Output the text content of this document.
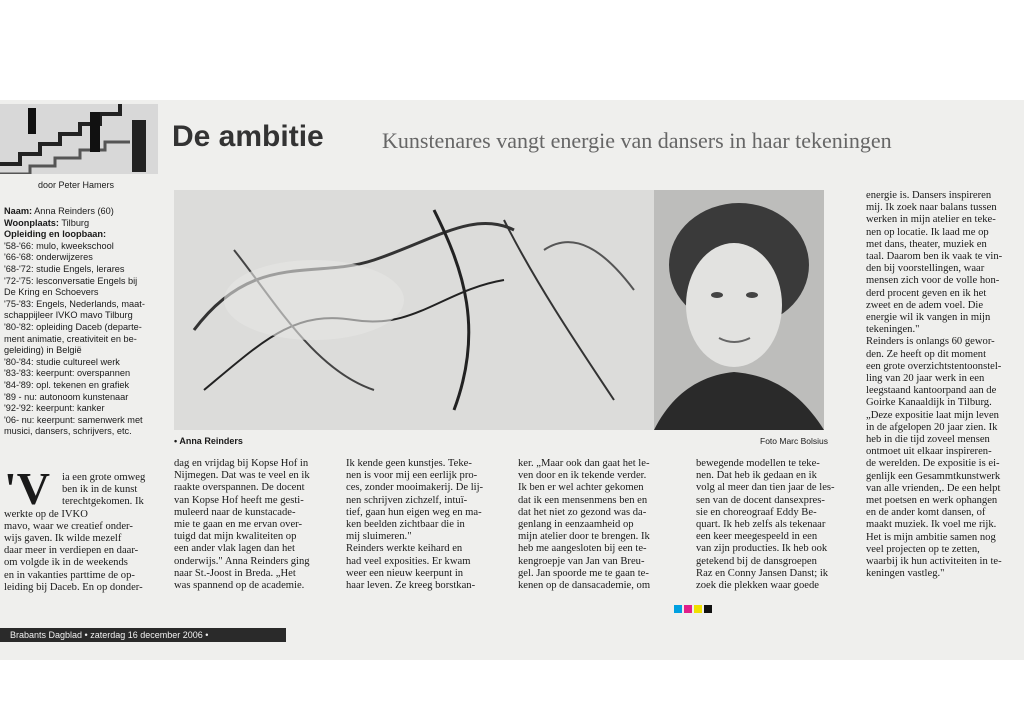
door Peter Hamers
De ambitie	Kunstenares vangt energie van dansers in haar tekeningen
Naam: Anna Reinders (60)
Woonplaats: Tilburg
Opleiding en loopbaan:
'58-'66: mulo, kweekschool
'66-'68: onderwijzeres
'68-'72: studie Engels, lerares
'72-'75: lesconversatie Engels bij
De Kring en Schoevers
'75-'83: Engels, Nederlands, maat-
schappijleer IVKO mavo Tilburg
'80-'82: opleiding Daceb (departe-
ment animatie, creativiteit en be-
geleiding) in België
'80-'84: studie cultureel werk
'83-'83: keerpunt: overspannen
'84-'89: opl. tekenen en grafiek
'89 - nu: autonoom kunstenaar
'92-'92: keerpunt: kanker
'06- nu: keerpunt: samenwerk met
musici, dansers, schrijvers, etc.
• Anna Reinders	Foto Marc Bolsius
'V	ia een grote omweg
ben ik in de kunst
terechtgekomen. Ik
werkte op de IVKO
mavo, waar we creatief onder-
wijs gaven. Ik wilde mezelf
daar meer in verdiepen en daar-
om volgde ik in de weekends
en in vakanties parttime de op-
leiding bij Daceb. En op donder-
dag en vrijdag bij Kopse Hof in
Nijmegen. Dat was te veel en ik
raakte overspannen. De docent
van Kopse Hof heeft me gesti-
muleerd naar de kunstacade-
mie te gaan en me ervan over-
tuigd dat mijn kwaliteiten op
een ander vlak lagen dan het
onderwijs." Anna Reinders ging
naar St.-Joost in Breda. „Het
was spannend op de academie.
Ik kende geen kunstjes. Teke-
nen is voor mij een eerlijk pro-
ces, zonder mooimakerij. De lij-
nen schrijven zichzelf, intuï-
tief, gaan hun eigen weg en ma-
ken beelden zichtbaar die in
mij sluimeren."
Reinders werkte keihard en
had veel exposities. Er kwam
weer een nieuw keerpunt in
haar leven. Ze kreeg borstkan-
ker. „Maar ook dan gaat het le-
ven door en ik tekende verder.
Ik ben er wel achter gekomen
dat ik een mensenmens ben en
dat het niet zo gezond was da-
genlang in eenzaamheid op
mijn atelier door te brengen. Ik
heb me aangesloten bij een te-
kengroepje van Jan van Breu-
gel. Jan spoorde me te gaan te-
kenen op de dansacademie, om
bewegende modellen te teke-
nen. Dat heb ik gedaan en ik
volg al meer dan tien jaar de les-
sen van de docent dansexpres-
sie en choreograaf Eddy Be-
quart. Ik heb zelfs als tekenaar
een keer meegespeeld in een
van zijn producties. Ik heb ook
getekend bij de dansgroepen
Raz en Conny Jansen Danst; ik
zoek die plekken waar goede
energie is. Dansers inspireren
mij. Ik zoek naar balans tussen
werken in mijn atelier en teke-
nen op locatie. Ik laad me op
met dans, theater, muziek en
taal. Daarom ben ik vaak te vin-
den bij voorstellingen, waar
mensen zich voor de volle hon-
derd procent geven en ik het
zweet en de adem voel. Die
energie wil ik vangen in mijn
tekeningen."
Reinders is onlangs 60 gewor-
den. Ze heeft op dit moment
een grote overzichtstentoonstel-
ling van 20 jaar werk in een
leegstaand kantoorpand aan de
Goirke Kanaaldijk in Tilburg.
„Deze expositie laat mijn leven
in de afgelopen 20 jaar zien. Ik
heb in die tijd zoveel mensen
ontmoet uit elkaar inspireren-
de werelden. De expositie is ei-
genlijk een Gesammtkunstwerk
van alle vrienden,. De een helpt
met poetsen en werk ophangen
en de ander komt dansen, of
maakt muziek. Ik voel me rijk.
Het is mijn ambitie samen nog
veel projecten op te zetten,
waarbij ik hun activiteiten in te-
keningen vastleg."
Brabants Dagblad • zaterdag 16 december 2006 •
